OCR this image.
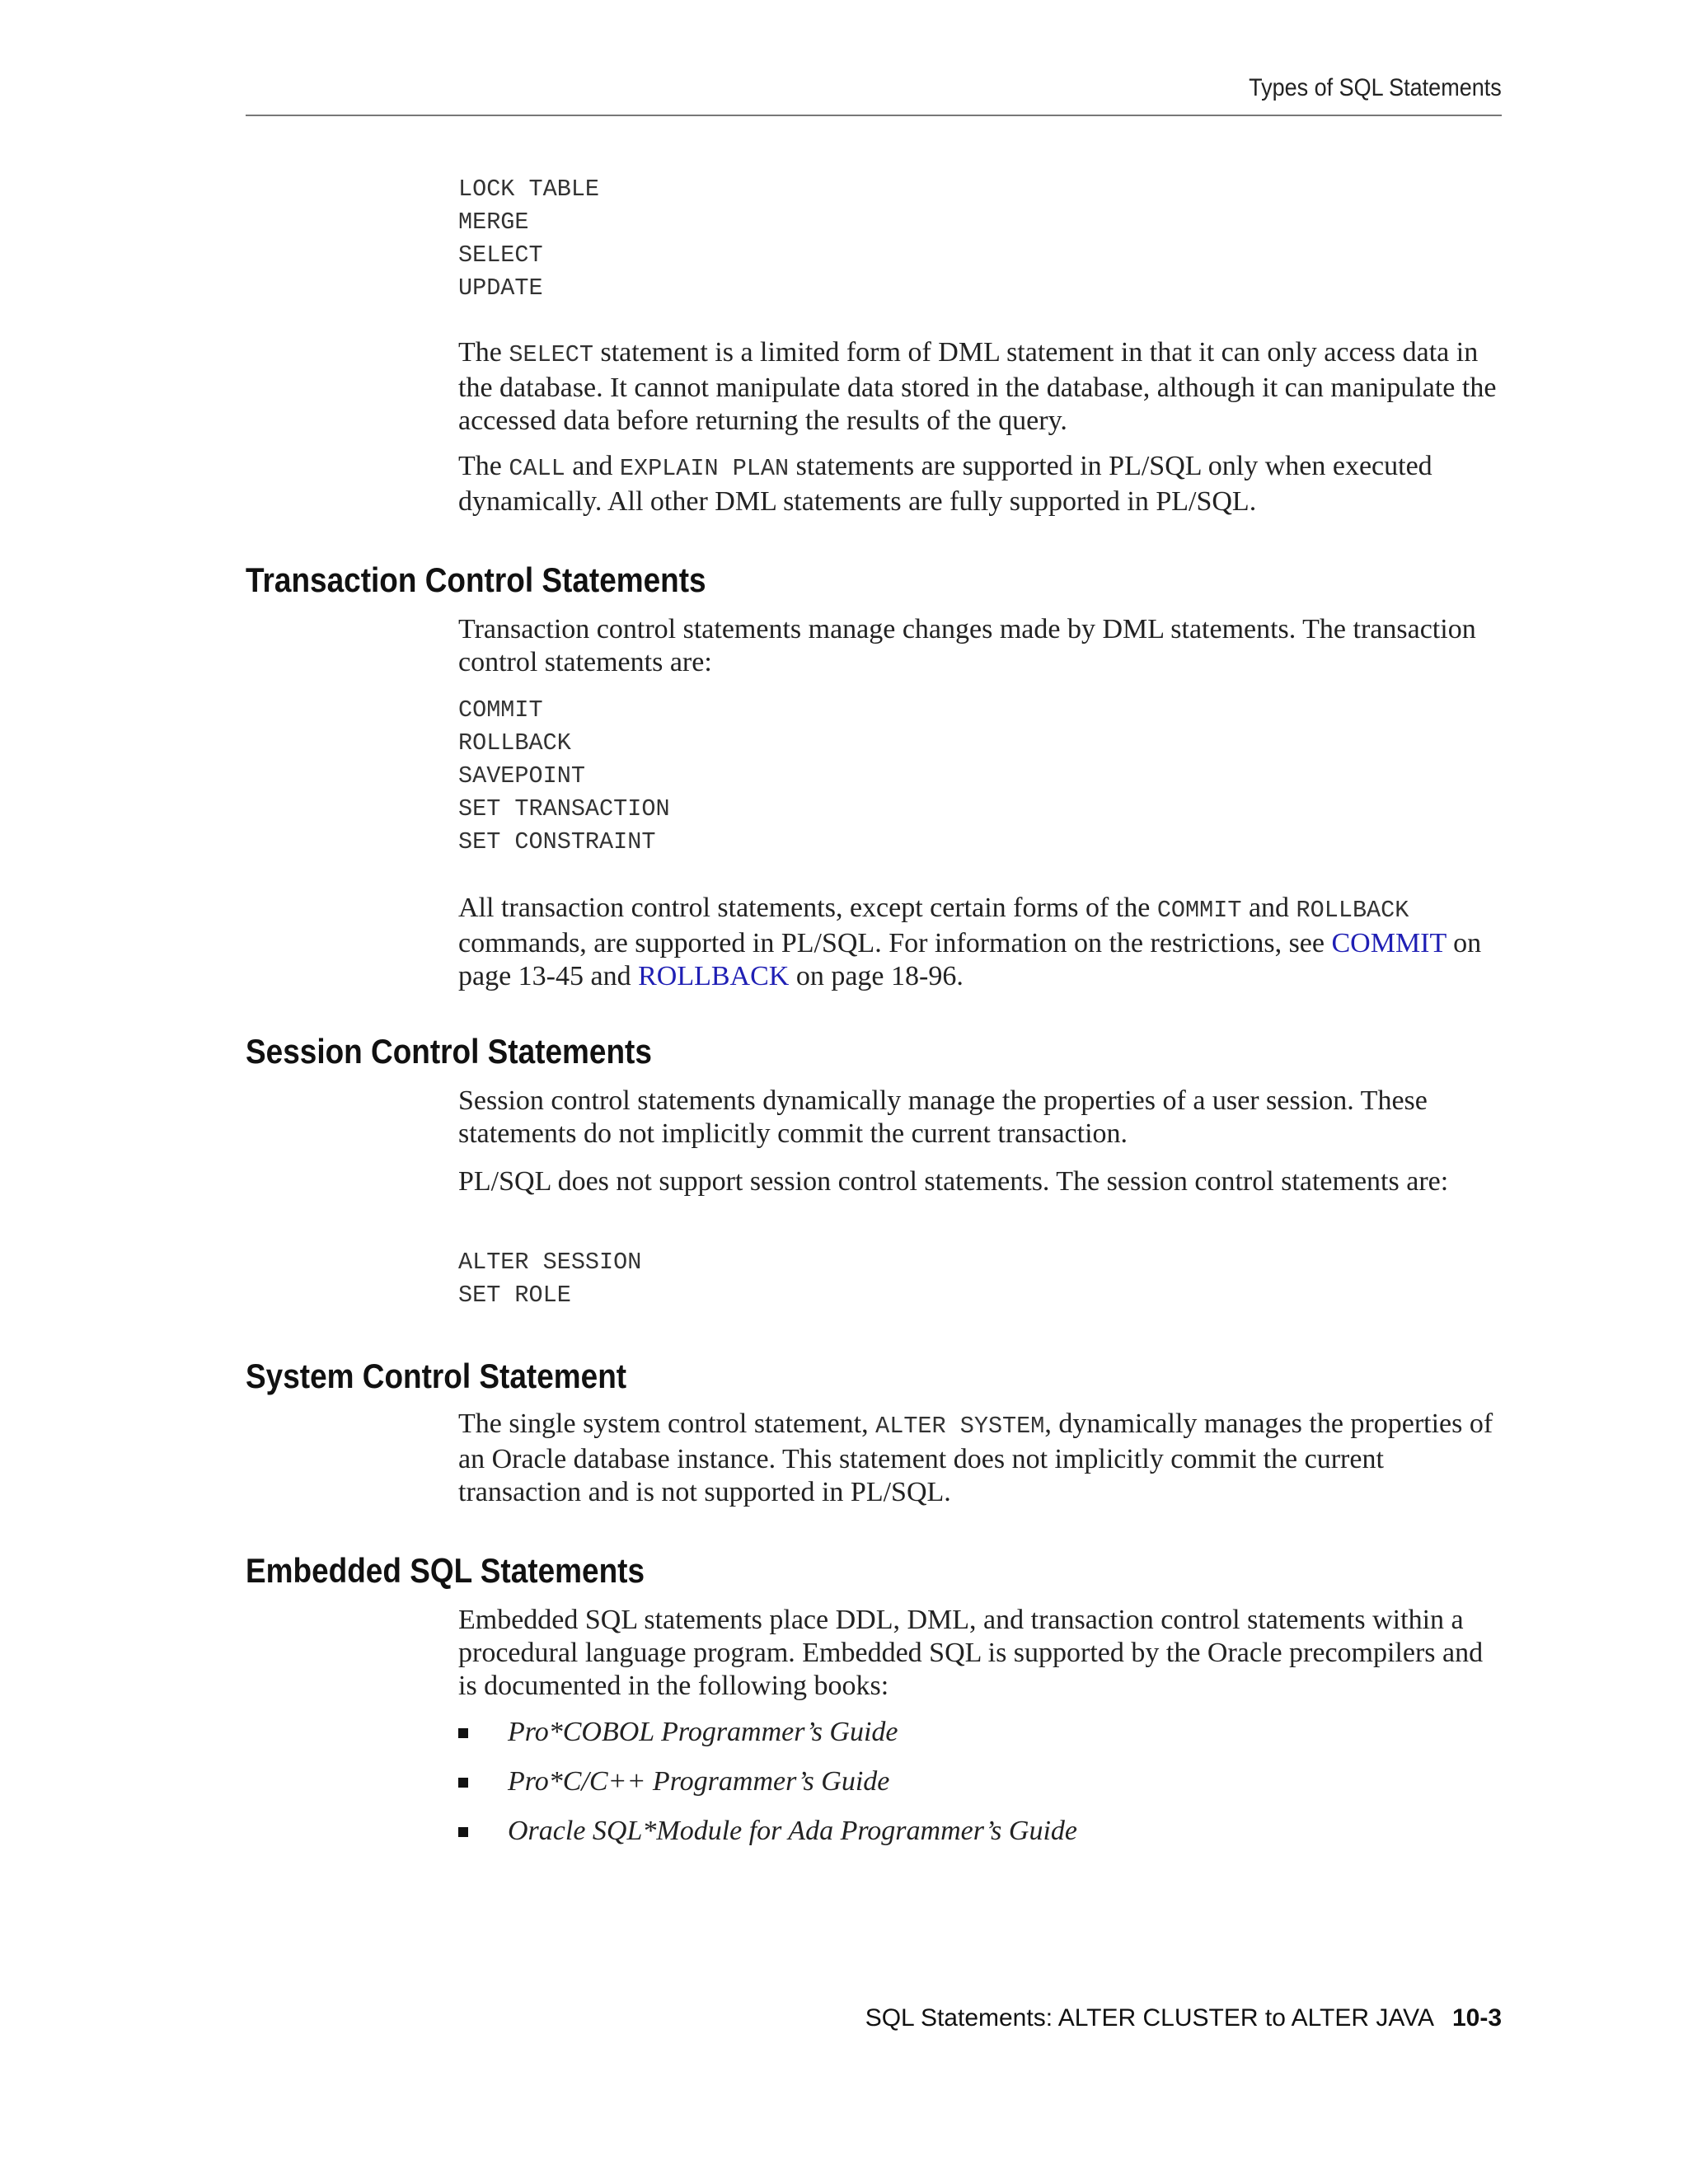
Types of SQL Statements
LOCK TABLE
MERGE
SELECT
UPDATE

The SELECT statement is a limited form of DML statement in that it can only access data in the database. It cannot manipulate data stored in the database, although it can manipulate the accessed data before returning the results of the query.

The CALL and EXPLAIN PLAN statements are supported in PL/SQL only when executed dynamically. All other DML statements are fully supported in PL/SQL.

Transaction Control Statements

Transaction control statements manage changes made by DML statements. The transaction control statements are:

COMMIT
ROLLBACK
SAVEPOINT
SET TRANSACTION
SET CONSTRAINT

All transaction control statements, except certain forms of the COMMIT and ROLLBACK commands, are supported in PL/SQL. For information on the restrictions, see COMMIT on page 13-45 and ROLLBACK on page 18-96.

Session Control Statements

Session control statements dynamically manage the properties of a user session. These statements do not implicitly commit the current transaction.

PL/SQL does not support session control statements. The session control statements are:

ALTER SESSION
SET ROLE
System Control Statement

The single system control statement, ALTER SYSTEM, dynamically manages the properties of an Oracle database instance. This statement does not implicitly commit the current transaction and is not supported in PL/SQL.

Embedded SQL Statements

Embedded SQL statements place DDL, DML, and transaction control statements within a procedural language program. Embedded SQL is supported by the Oracle precompilers and is documented in the following books:

Pro*COBOL Programmer’s Guide
Pro*C/C++ Programmer’s Guide
Oracle SQL*Module for Ada Programmer’s Guide
SQL Statements: ALTER CLUSTER to ALTER JAVA 10-3
